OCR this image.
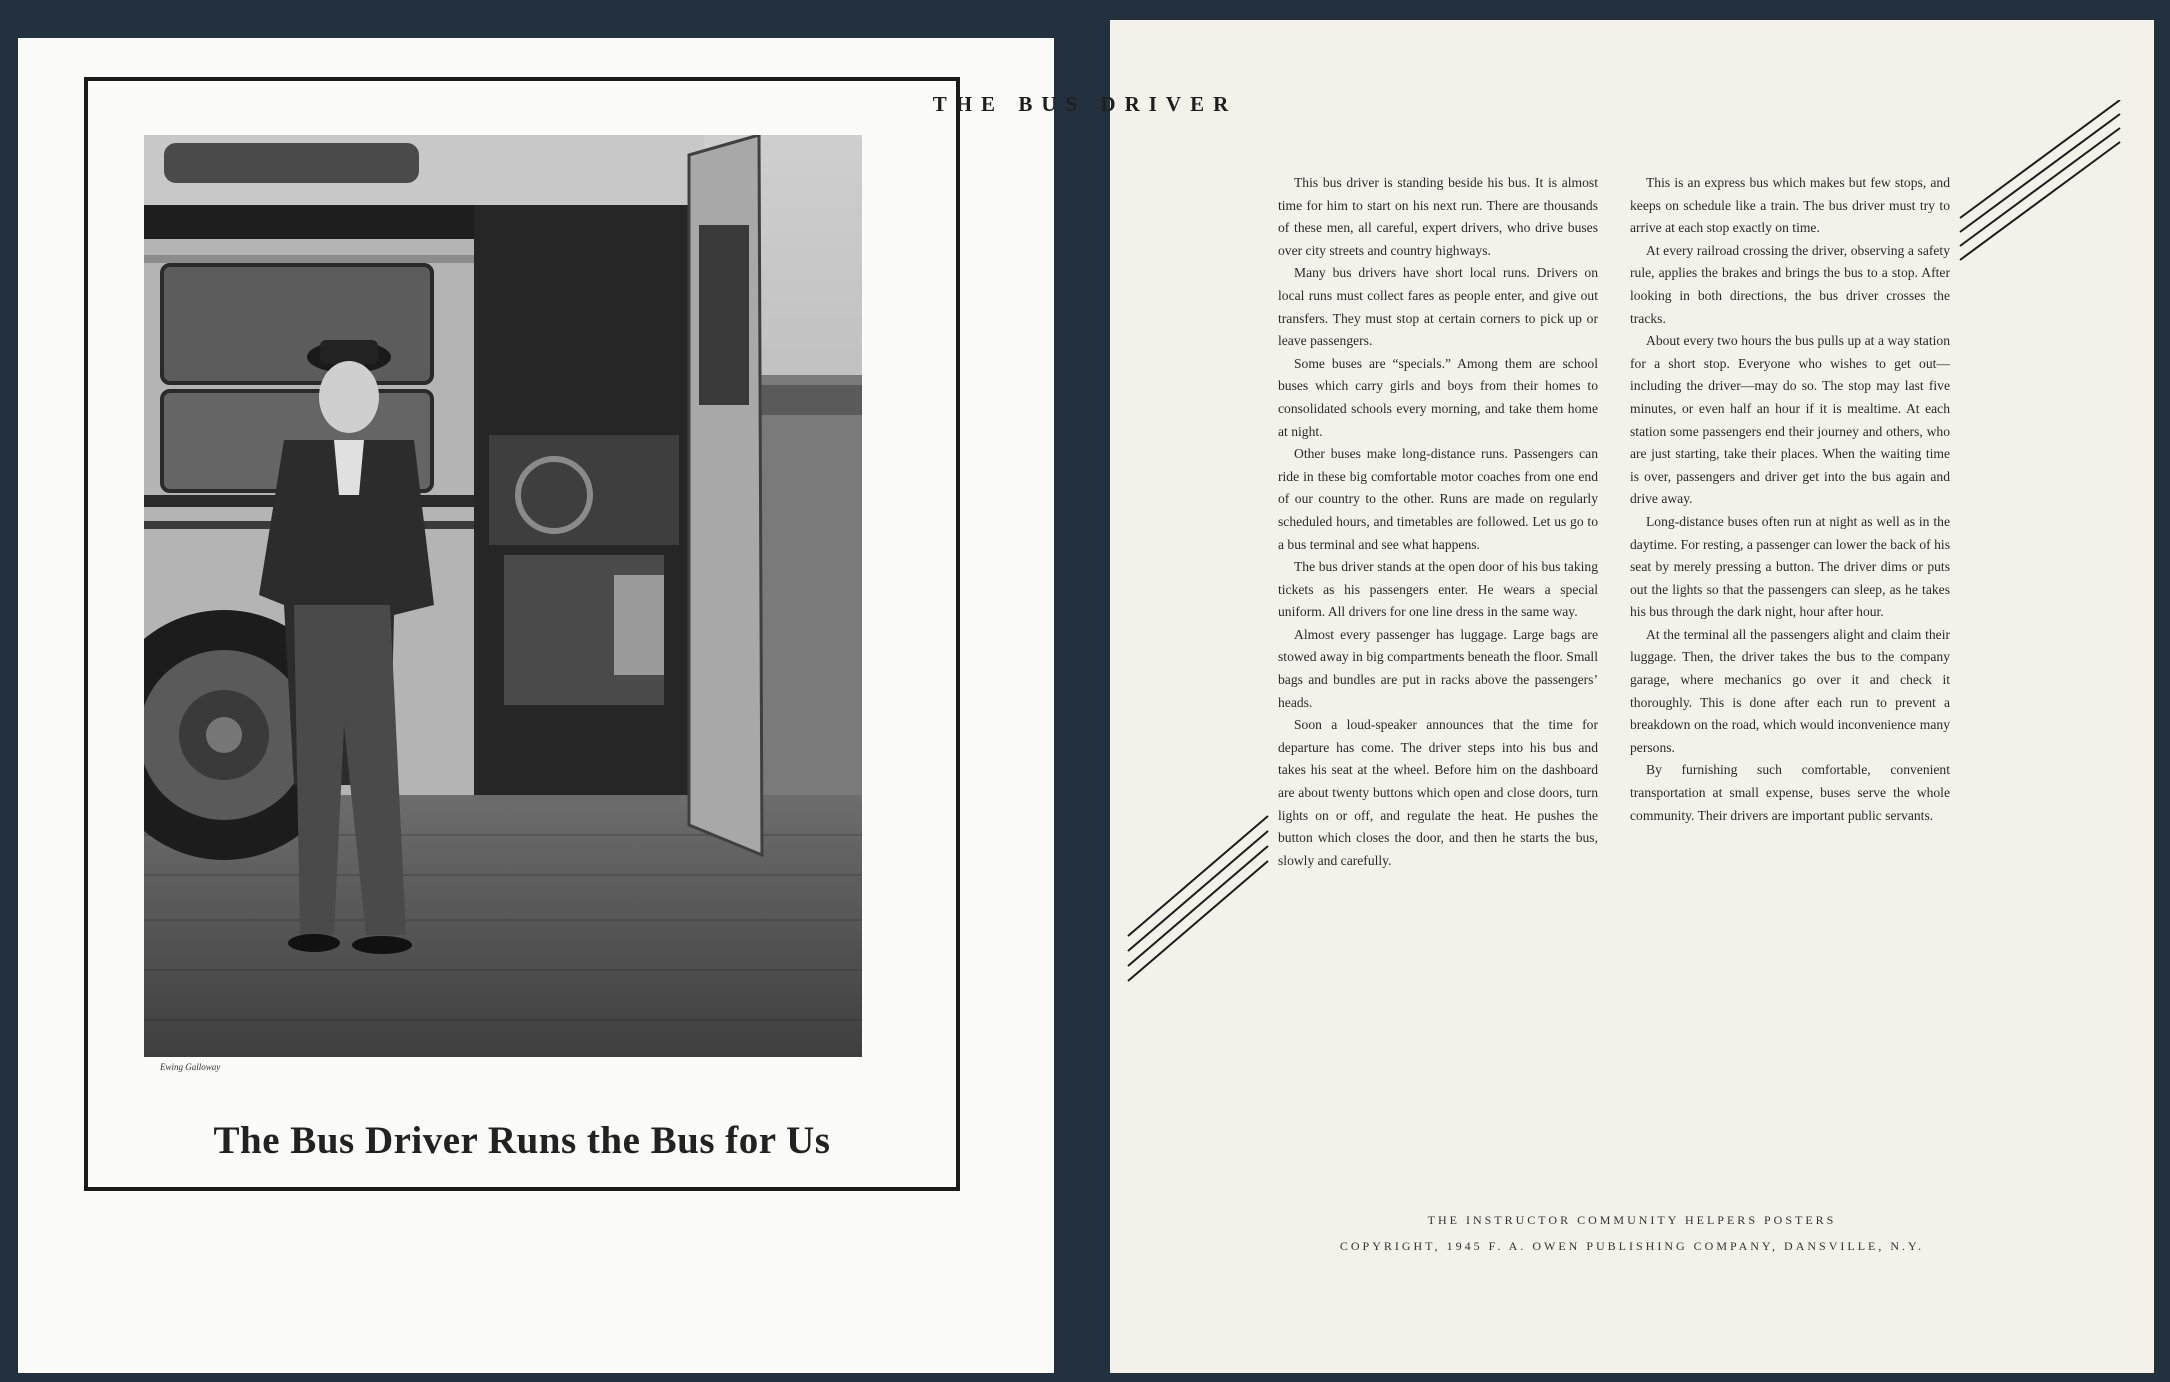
Ewing Galloway
The Bus Driver Runs the Bus for Us
THE BUS DRIVER

This bus driver is standing beside his bus. It is almost time for him to start on his next run. There are thousands of these men, all careful, expert drivers, who drive buses over city streets and country highways.

Many bus drivers have short local runs. Drivers on local runs must collect fares as people enter, and give out transfers. They must stop at certain corners to pick up or leave passengers.

Some buses are “specials.” Among them are school buses which carry girls and boys from their homes to consolidated schools every morning, and take them home at night.

Other buses make long-distance runs. Passengers can ride in these big comfortable motor coaches from one end of our country to the other. Runs are made on regularly scheduled hours, and timetables are followed. Let us go to a bus terminal and see what happens.

The bus driver stands at the open door of his bus taking tickets as his passengers enter. He wears a special uniform. All drivers for one line dress in the same way.

Almost every passenger has luggage. Large bags are stowed away in big compartments beneath the floor. Small bags and bundles are put in racks above the passengers’ heads.

Soon a loud-speaker announces that the time for departure has come. The driver steps into his bus and takes his seat at the wheel. Before him on the dashboard are about twenty buttons which open and close doors, turn lights on or off, and regulate the heat. He pushes the button which closes the door, and then he starts the bus, slowly and carefully.

This is an express bus which makes but few stops, and keeps on schedule like a train. The bus driver must try to arrive at each stop exactly on time.

At every railroad crossing the driver, observing a safety rule, applies the brakes and brings the bus to a stop. After looking in both directions, the bus driver crosses the tracks.

About every two hours the bus pulls up at a way station for a short stop. Everyone who wishes to get out—including the driver—may do so. The stop may last five minutes, or even half an hour if it is mealtime. At each station some passengers end their journey and others, who are just starting, take their places. When the waiting time is over, passengers and driver get into the bus again and drive away.

Long-distance buses often run at night as well as in the daytime. For resting, a passenger can lower the back of his seat by merely pressing a button. The driver dims or puts out the lights so that the passengers can sleep, as he takes his bus through the dark night, hour after hour.

At the terminal all the passengers alight and claim their luggage. Then, the driver takes the bus to the company garage, where mechanics go over it and check it thoroughly. This is done after each run to prevent a breakdown on the road, which would inconvenience many persons.

By furnishing such comfortable, convenient transportation at small expense, buses serve the whole community. Their drivers are important public servants.

THE INSTRUCTOR COMMUNITY HELPERS POSTERS
COPYRIGHT, 1945 F. A. OWEN PUBLISHING COMPANY, DANSVILLE, N.Y.
